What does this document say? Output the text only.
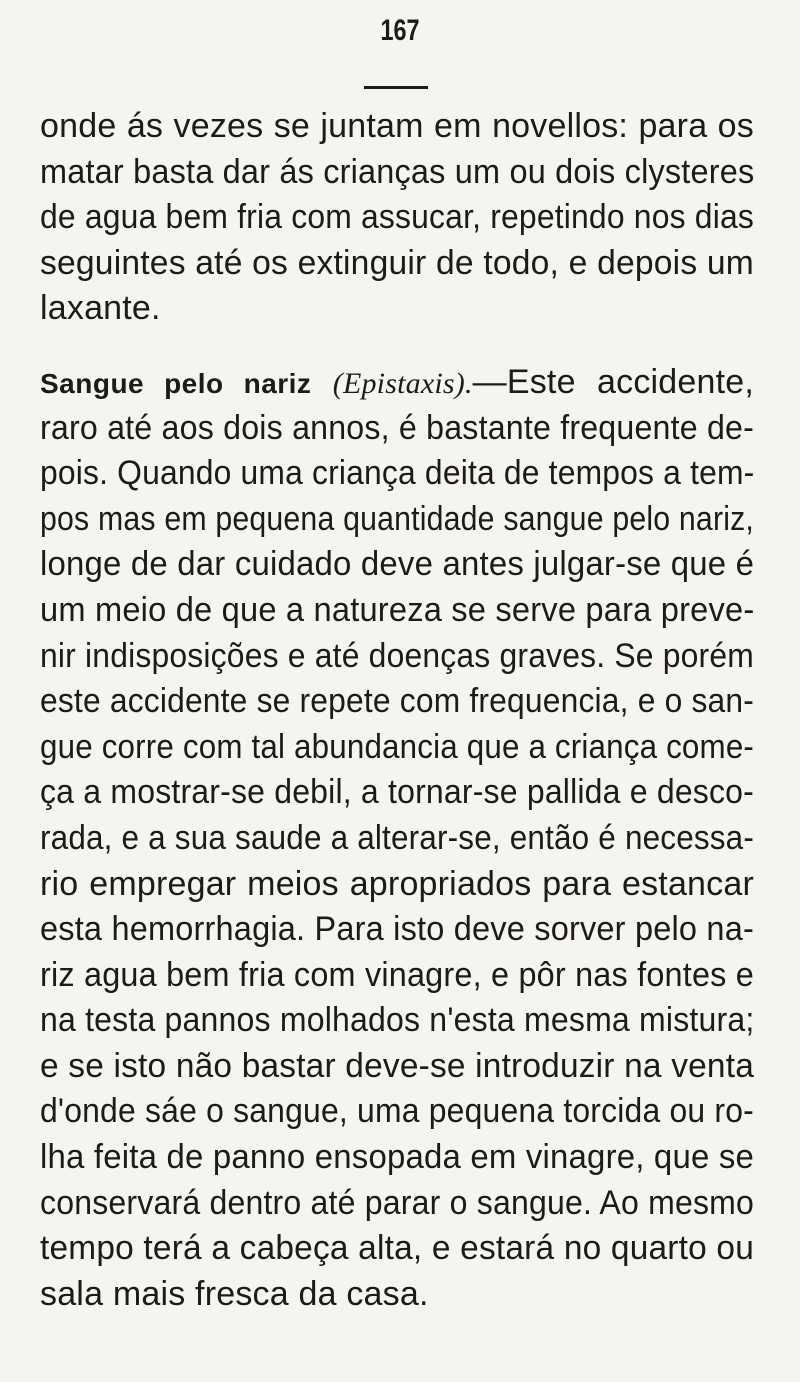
167
onde ás vezes se juntam em novellos: para os
matar basta dar ás crianças um ou dois clysteres
de agua bem fria com assucar, repetindo nos dias
seguintes até os extinguir de todo, e depois um
laxante.
Sangue pelo nariz (Epistaxis).—Este accidente,
raro até aos dois annos, é bastante frequente de-
pois. Quando uma criança deita de tempos a tem-
pos mas em pequena quantidade sangue pelo nariz,
longe de dar cuidado deve antes julgar-se que é
um meio de que a natureza se serve para preve-
nir indisposições e até doenças graves. Se porém
este accidente se repete com frequencia, e o san-
gue corre com tal abundancia que a criança come-
ça a mostrar-se debil, a tornar-se pallida e desco-
rada, e a sua saude a alterar-se, então é necessa-
rio empregar meios apropriados para estancar
esta hemorrhagia. Para isto deve sorver pelo na-
riz agua bem fria com vinagre, e pôr nas fontes e
na testa pannos molhados n'esta mesma mistura;
e se isto não bastar deve-se introduzir na venta
d'onde sáe o sangue, uma pequena torcida ou ro-
lha feita de panno ensopada em vinagre, que se
conservará dentro até parar o sangue. Ao mesmo
tempo terá a cabeça alta, e estará no quarto ou
sala mais fresca da casa.
